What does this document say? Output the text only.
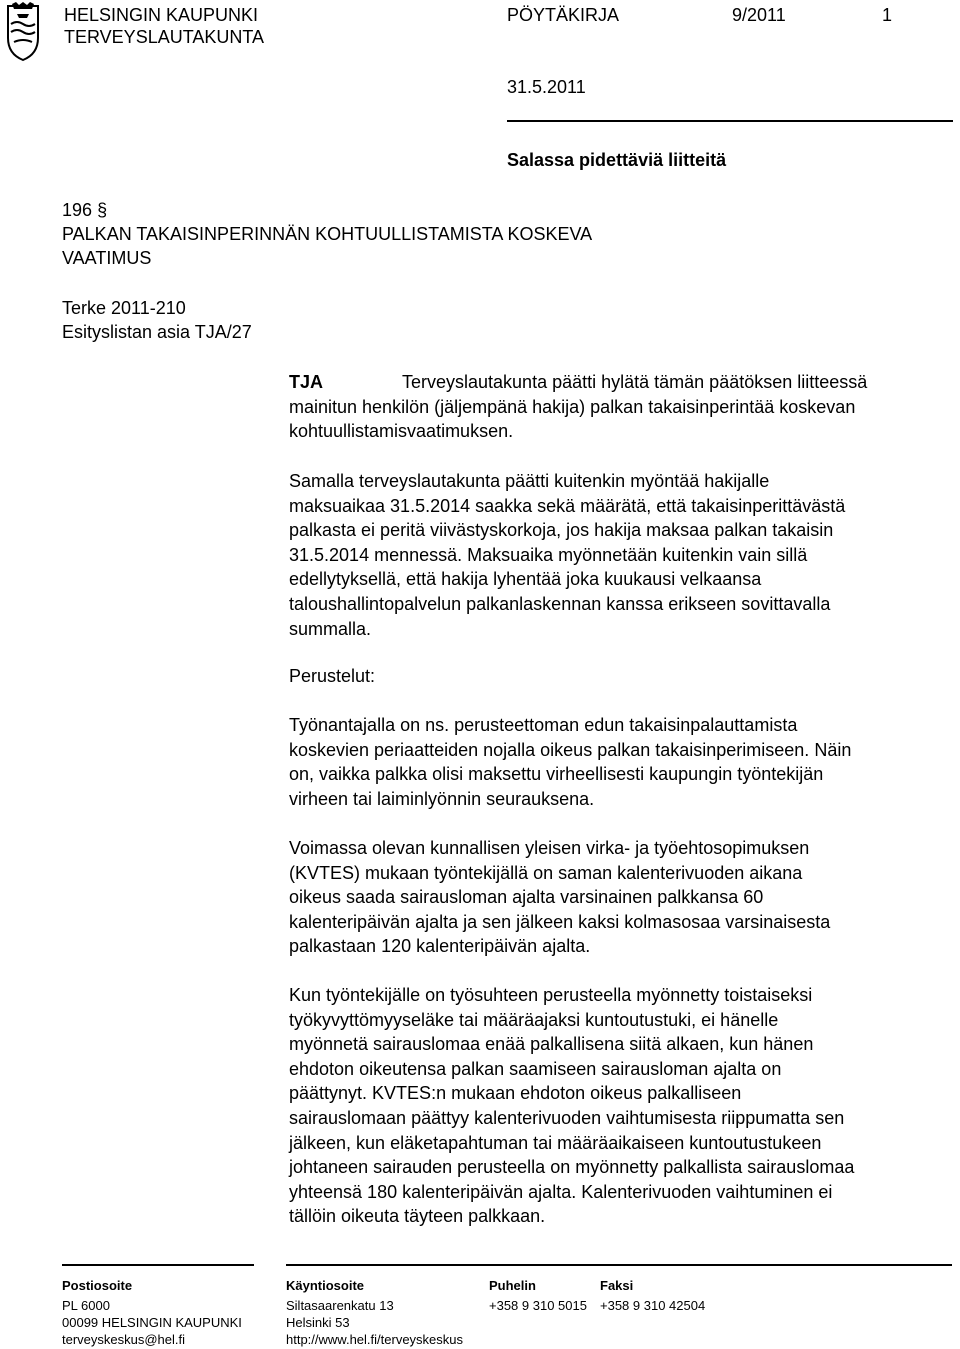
HELSINGIN KAUPUNKI
TERVEYSLAUTAKUNTA
PÖYTÄKIRJA	9/2011	1
31.5.2011
Salassa pidettäviä liitteitä
196 §
PALKAN TAKAISINPERINNÄN KOHTUULLISTAMISTA KOSKEVA
VAATIMUS
Terke 2011-210
Esityslistan asia TJA/27
TJA	Terveyslautakunta päätti hylätä tämän päätöksen liitteessä
mainitun henkilön (jäljempänä hakija) palkan takaisinperintää koskevan
kohtuullistamisvaatimuksen.
Samalla terveyslautakunta päätti kuitenkin myöntää hakijalle
maksuaikaa 31.5.2014 saakka sekä määrätä, että takaisinperittävästä
palkasta ei peritä viivästyskorkoja, jos hakija maksaa palkan takaisin
31.5.2014 mennessä. Maksuaika myönnetään kuitenkin vain sillä
edellytyksellä, että hakija lyhentää joka kuukausi velkaansa
taloushallintopalvelun palkanlaskennan kanssa erikseen sovittavalla
summalla.
Perustelut:
Työnantajalla on ns. perusteettoman edun takaisinpalauttamista
koskevien periaatteiden nojalla oikeus palkan takaisinperimiseen. Näin
on, vaikka palkka olisi maksettu virheellisesti kaupungin työntekijän
virheen tai laiminlyönnin seurauksena.
Voimassa olevan kunnallisen yleisen virka- ja työehtosopimuksen
(KVTES) mukaan työntekijällä on saman kalenterivuoden aikana
oikeus saada sairausloman ajalta varsinainen palkkansa 60
kalenteripäivän ajalta ja sen jälkeen kaksi kolmasosaa varsinaisesta
palkastaan 120 kalenteripäivän ajalta.
Kun työntekijälle on työsuhteen perusteella myönnetty toistaiseksi
työkyvyttömyyseläke tai määräajaksi kuntoutustuki, ei hänelle
myönnetä sairauslomaa enää palkallisena siitä alkaen, kun hänen
ehdoton oikeutensa palkan saamiseen sairausloman ajalta on
päättynyt. KVTES:n mukaan ehdoton oikeus palkalliseen
sairauslomaan päättyy kalenterivuoden vaihtumisesta riippumatta sen
jälkeen, kun eläketapahtuman tai määräaikaiseen kuntoutustukeen
johtaneen sairauden perusteella on myönnetty palkallista sairauslomaa
yhteensä 180 kalenteripäivän ajalta. Kalenterivuoden vaihtuminen ei
tällöin oikeuta täyteen palkkaan.
Postiosoite
PL 6000
00099 HELSINGIN KAUPUNKI
terveyskeskus@hel.fi
Käyntiosoite
Siltasaarenkatu 13
Helsinki 53
http://www.hel.fi/terveyskeskus
Puhelin
+358 9 310 5015
Faksi
+358 9 310 42504
